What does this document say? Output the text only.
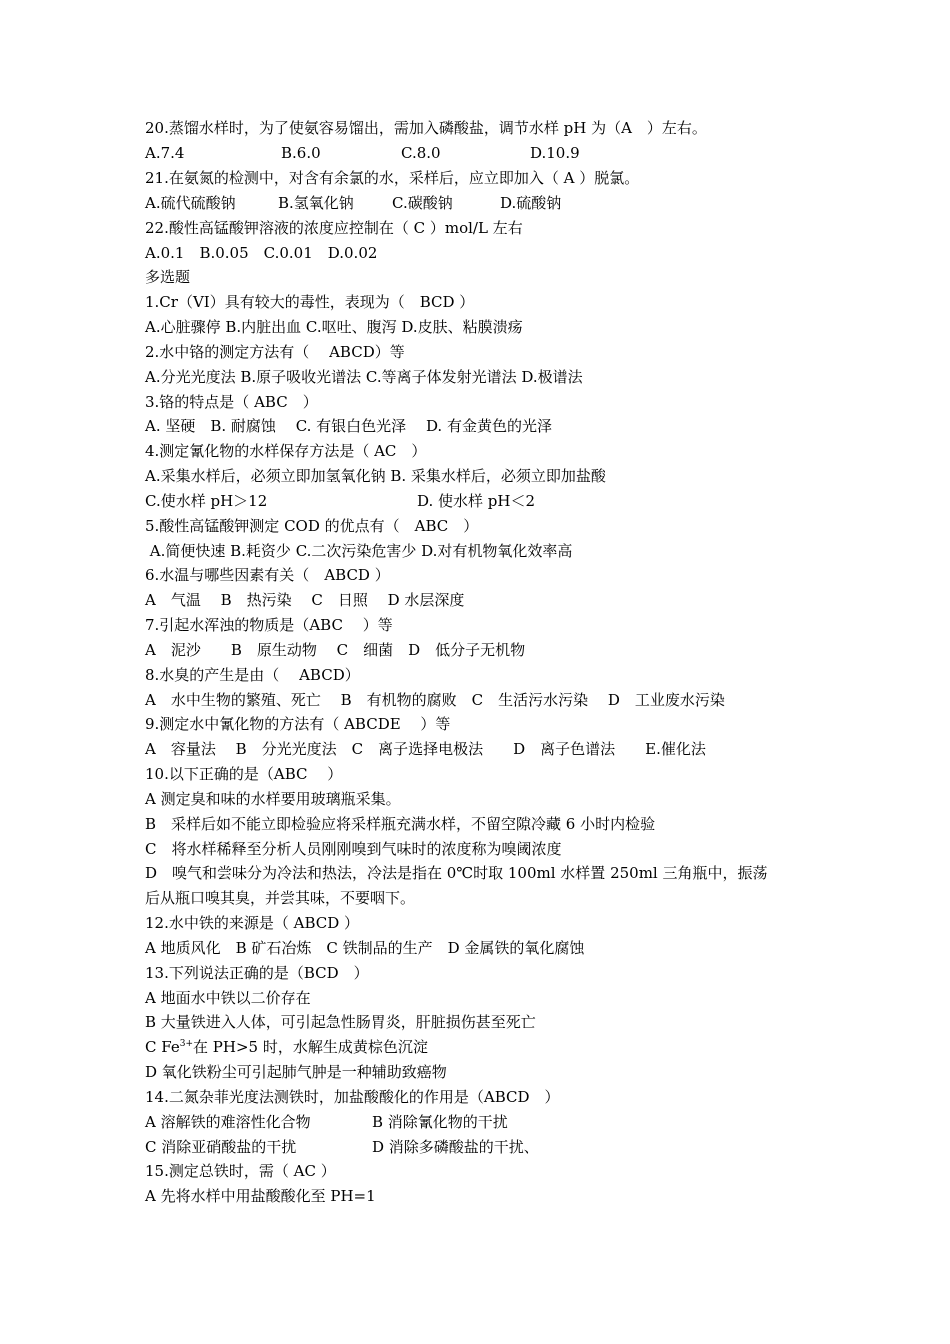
20.蒸馏水样时，为了使氨容易馏出，需加入磷酸盐，调节水样 pH 为（A　）左右。

A.7.4	B.6.0	C.8.0	D.10.9

21.在氨氮的检测中，对含有余氯的水，采样后，应立即加入（ A ）脱氯。

A.硫代硫酸钠	B.氢氧化钠	C.碳酸钠	D.硫酸钠

22.酸性高锰酸钾溶液的浓度应控制在（ C ）mol/L 左右

A.0.1　B.0.05　C.0.01　D.0.02

多选题

1.Cr（VI）具有较大的毒性，表现为（　BCD ）

A.心脏骤停 B.内脏出血 C.呕吐、腹泻 D.皮肤、粘膜溃疡

2.水中铬的测定方法有（　 ABCD）等

A.分光光度法 B.原子吸收光谱法 C.等离子体发射光谱法 D.极谱法

3.铬的特点是（ ABC　）

A. 坚硬　B. 耐腐蚀　 C. 有银白色光泽　 D. 有金黄色的光泽

4.测定氰化物的水样保存方法是（ AC　）

A.采集水样后，必须立即加氢氧化钠 B. 采集水样后，必须立即加盐酸

C.使水样 pH＞12	D. 使水样 pH＜2

5.酸性高锰酸钾测定 COD 的优点有（　ABC　）

A.简便快速 B.耗资少 C.二次污染危害少 D.对有机物氧化效率高

6.水温与哪些因素有关（　ABCD ）

A　气温　 B　热污染　 C　日照　 D 水层深度

7.引起水浑浊的物质是（ABC　 ）等

A　泥沙　　B　原生动物　 C　细菌　D　低分子无机物

8.水臭的产生是由（　 ABCD）

A　水中生物的繁殖、死亡　 B　有机物的腐败　C　生活污水污染　 D　工业废水污染

9.测定水中氰化物的方法有（ ABCDE　 ）等

A　容量法　 B　分光光度法　C　离子选择电极法　　D　离子色谱法　　E.催化法

10.以下正确的是（ABC　 ）

A 测定臭和味的水样要用玻璃瓶采集。

B　采样后如不能立即检验应将采样瓶充满水样，不留空隙冷藏 6 小时内检验

C　将水样稀释至分析人员刚刚嗅到气味时的浓度称为嗅阈浓度

D　嗅气和尝味分为冷法和热法，冷法是指在 0℃时取 100ml 水样置 250ml 三角瓶中，振荡

后从瓶口嗅其臭，并尝其味，不要咽下。

12.水中铁的来源是（ ABCD ）

A 地质风化　B 矿石冶炼　C 铁制品的生产　D 金属铁的氧化腐蚀

13.下列说法正确的是（BCD　）

A 地面水中铁以二价存在

B 大量铁进入人体，可引起急性肠胃炎，肝脏损伤甚至死亡

C $Fe^{3+}$在 PH>5 时，水解生成黄棕色沉淀

D 氧化铁粉尘可引起肺气肿是一种辅助致癌物

14.二氮杂菲光度法测铁时，加盐酸酸化的作用是（ABCD　）

A 溶解铁的难溶性化合物	B 消除氰化物的干扰

C 消除亚硝酸盐的干扰	D 消除多磷酸盐的干扰、

15.测定总铁时，需（ AC ）

A 先将水样中用盐酸酸化至 PH=1
